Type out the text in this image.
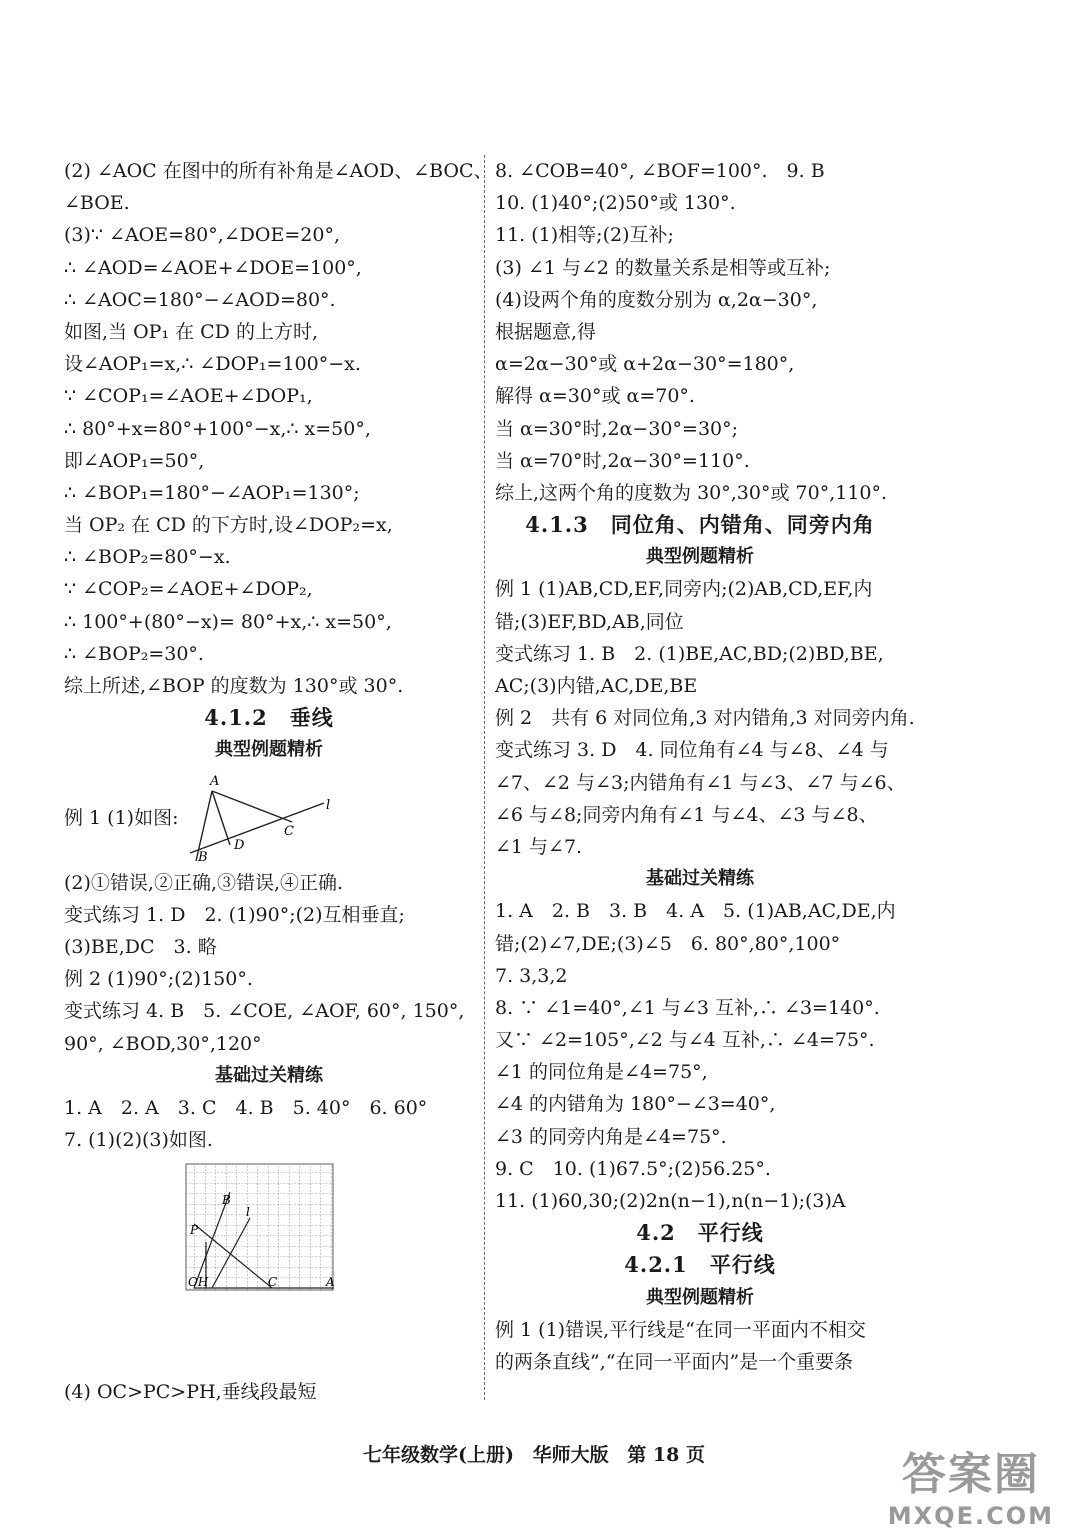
(2) ∠AOC 在图中的所有补角是∠AOD、∠BOC、
∠BOE.
(3)∵ ∠AOE=80°,∠DOE=20°,
∴ ∠AOD=∠AOE+∠DOE=100°,
∴ ∠AOC=180°−∠AOD=80°.
如图,当 OP₁ 在 CD 的上方时,
设∠AOP₁=x,∴ ∠DOP₁=100°−x.
∵ ∠COP₁=∠AOE+∠DOP₁,
∴ 80°+x=80°+100°−x,∴ x=50°,
即∠AOP₁=50°,
∴ ∠BOP₁=180°−∠AOP₁=130°;
当 OP₂ 在 CD 的下方时,设∠DOP₂=x,
∴ ∠BOP₂=80°−x.
∵ ∠COP₂=∠AOE+∠DOP₂,
∴ 100°+(80°−x)= 80°+x,∴ x=50°,
∴ ∠BOP₂=30°.
综上所述,∠BOP 的度数为 130°或 30°.
4.1.2　垂线
典型例题精析
例 1 (1)如图:
A
B
C
D
l
(2)①错误,②正确,③错误,④正确.
变式练习 1. D　2. (1)90°;(2)互相垂直;
(3)BE,DC　3. 略
例 2 (1)90°;(2)150°.
变式练习 4. B　5. ∠COE, ∠AOF, 60°, 150°,
90°, ∠BOD,30°,120°
基础过关精练
1. A　2. A　3. C　4. B　5. 40°　6. 60°
7. (1)(2)(3)如图.
B
P
l
OH	C	A
(4) OC>PC>PH,垂线段最短
8. ∠COB=40°, ∠BOF=100°.　9. B
10. (1)40°;(2)50°或 130°.
11. (1)相等;(2)互补;
(3) ∠1 与∠2 的数量关系是相等或互补;
(4)设两个角的度数分别为 α,2α−30°,
根据题意,得
α=2α−30°或 α+2α−30°=180°,
解得 α=30°或 α=70°.
当 α=30°时,2α−30°=30°;
当 α=70°时,2α−30°=110°.
综上,这两个角的度数为 30°,30°或 70°,110°.
4.1.3　同位角、内错角、同旁内角
典型例题精析
例 1 (1)AB,CD,EF,同旁内;(2)AB,CD,EF,内
错;(3)EF,BD,AB,同位
变式练习 1. B　2. (1)BE,AC,BD;(2)BD,BE,
AC;(3)内错,AC,DE,BE
例 2　共有 6 对同位角,3 对内错角,3 对同旁内角.
变式练习 3. D　4. 同位角有∠4 与∠8、∠4 与
∠7、∠2 与∠3;内错角有∠1 与∠3、∠7 与∠6、
∠6 与∠8;同旁内角有∠1 与∠4、∠3 与∠8、
∠1 与∠7.
基础过关精练
1. A　2. B　3. B　4. A　5. (1)AB,AC,DE,内
错;(2)∠7,DE;(3)∠5　6. 80°,80°,100°
7. 3,3,2
8. ∵ ∠1=40°,∠1 与∠3 互补,∴ ∠3=140°.
又∵ ∠2=105°,∠2 与∠4 互补,∴ ∠4=75°.
∠1 的同位角是∠4=75°,
∠4 的内错角为 180°−∠3=40°,
∠3 的同旁内角是∠4=75°.
9. C　10. (1)67.5°;(2)56.25°.
11. (1)60,30;(2)2n(n−1),n(n−1);(3)A
4.2　平行线
4.2.1　平行线
典型例题精析
例 1 (1)错误,平行线是“在同一平面内不相交
的两条直线”,“在同一平面内”是一个重要条
七年级数学(上册) 华师大版 第 18 页	答案圈
MXQE.COM
